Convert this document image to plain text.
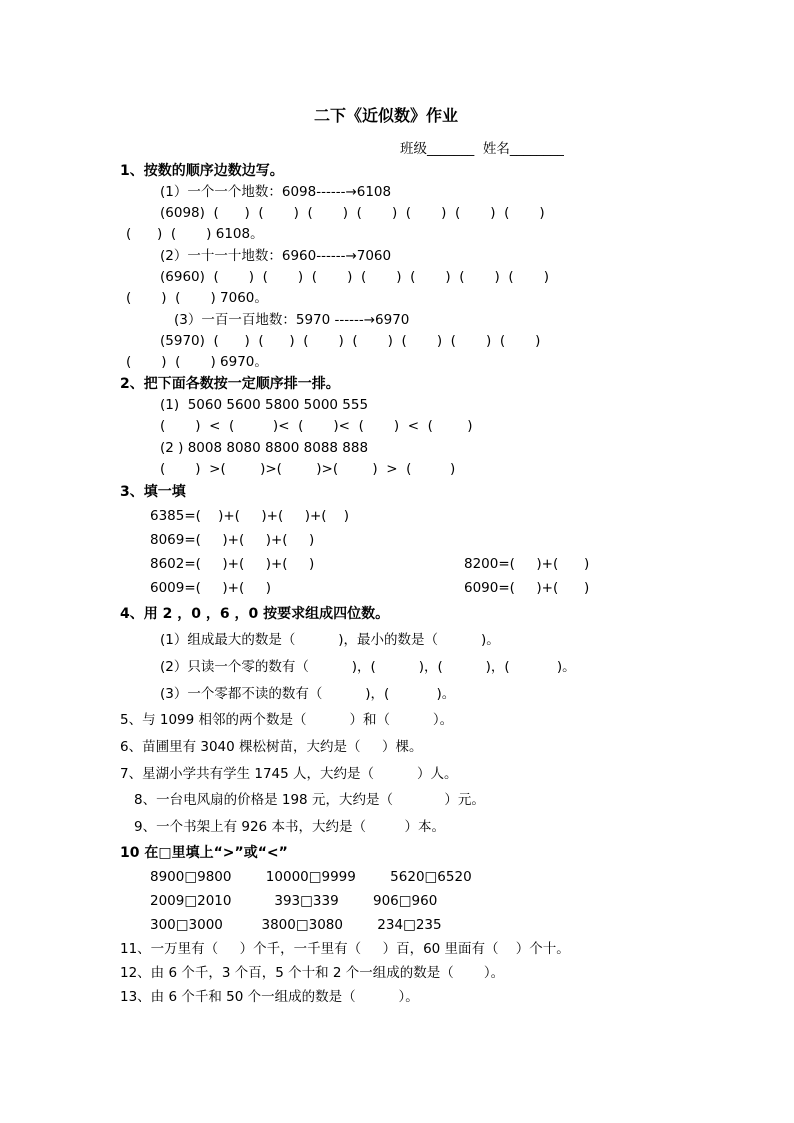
二下《近似数》作业
班级_______  姓名________
1、按数的顺序边数边写。
(1）一个一个地数：6098------→6108
(6098)  (      )  (       )  (       )  (       )  (       )  (       )  (       )
(      )  (       ) 6108。
(2）一十一十地数：6960------→7060
(6960)  (       )  (       )  (       )  (       )  (       )  (       )  (       )
(       )  (       ) 7060。
(3）一百一百地数：5970 ------→6970
(5970)  (      )  (      )  (       )  (       )  (       )  (       )  (       )
(       )  (       ) 6970。
2、把下面各数按一定顺序排一排。
(1)  5060 5600 5800 5000 555
(       )  <  (         )<  (       )<  (       )  <  (        )
(2 ) 8008 8080 8800 8088 888
(       )  >(        )>(        )>(        )  >  (         )
3、填一填
6385=(    )+(     )+(     )+(    )
8069=(     )+(     )+(     )
8602=(     )+(     )+(     )	8200=(     )+(      )
6009=(     )+(     )	6090=(     )+(      )
4、用 2 ，0 ，6 ，0 按要求组成四位数。
(1）组成最大的数是（          )，最小的数是（          )。
(2）只读一个零的数有（          )，(          )，(          )，(           )。
(3）一个零都不读的数有（          )，(           )。
5、与 1099 相邻的两个数是（          ）和（          ）。
6、苗圃里有 3040 棵松树苗，大约是（     ）棵。
7、星湖小学共有学生 1745 人，大约是（          ）人。
8、一台电风扇的价格是 198 元，大约是（            ）元。
9、一个书架上有 926 本书，大约是（         ）本。
10 在□里填上“>”或“<”
8900□9800        10000□9999        5620□6520
2009□2010          393□339        906□960
300□3000         3800□3080        234□235
11、一万里有（     ）个千，一千里有（     ）百，60 里面有（    ）个十。
12、由 6 个千，3 个百，5 个十和 2 个一组成的数是（       ）。
13、由 6 个千和 50 个一组成的数是（          ）。
